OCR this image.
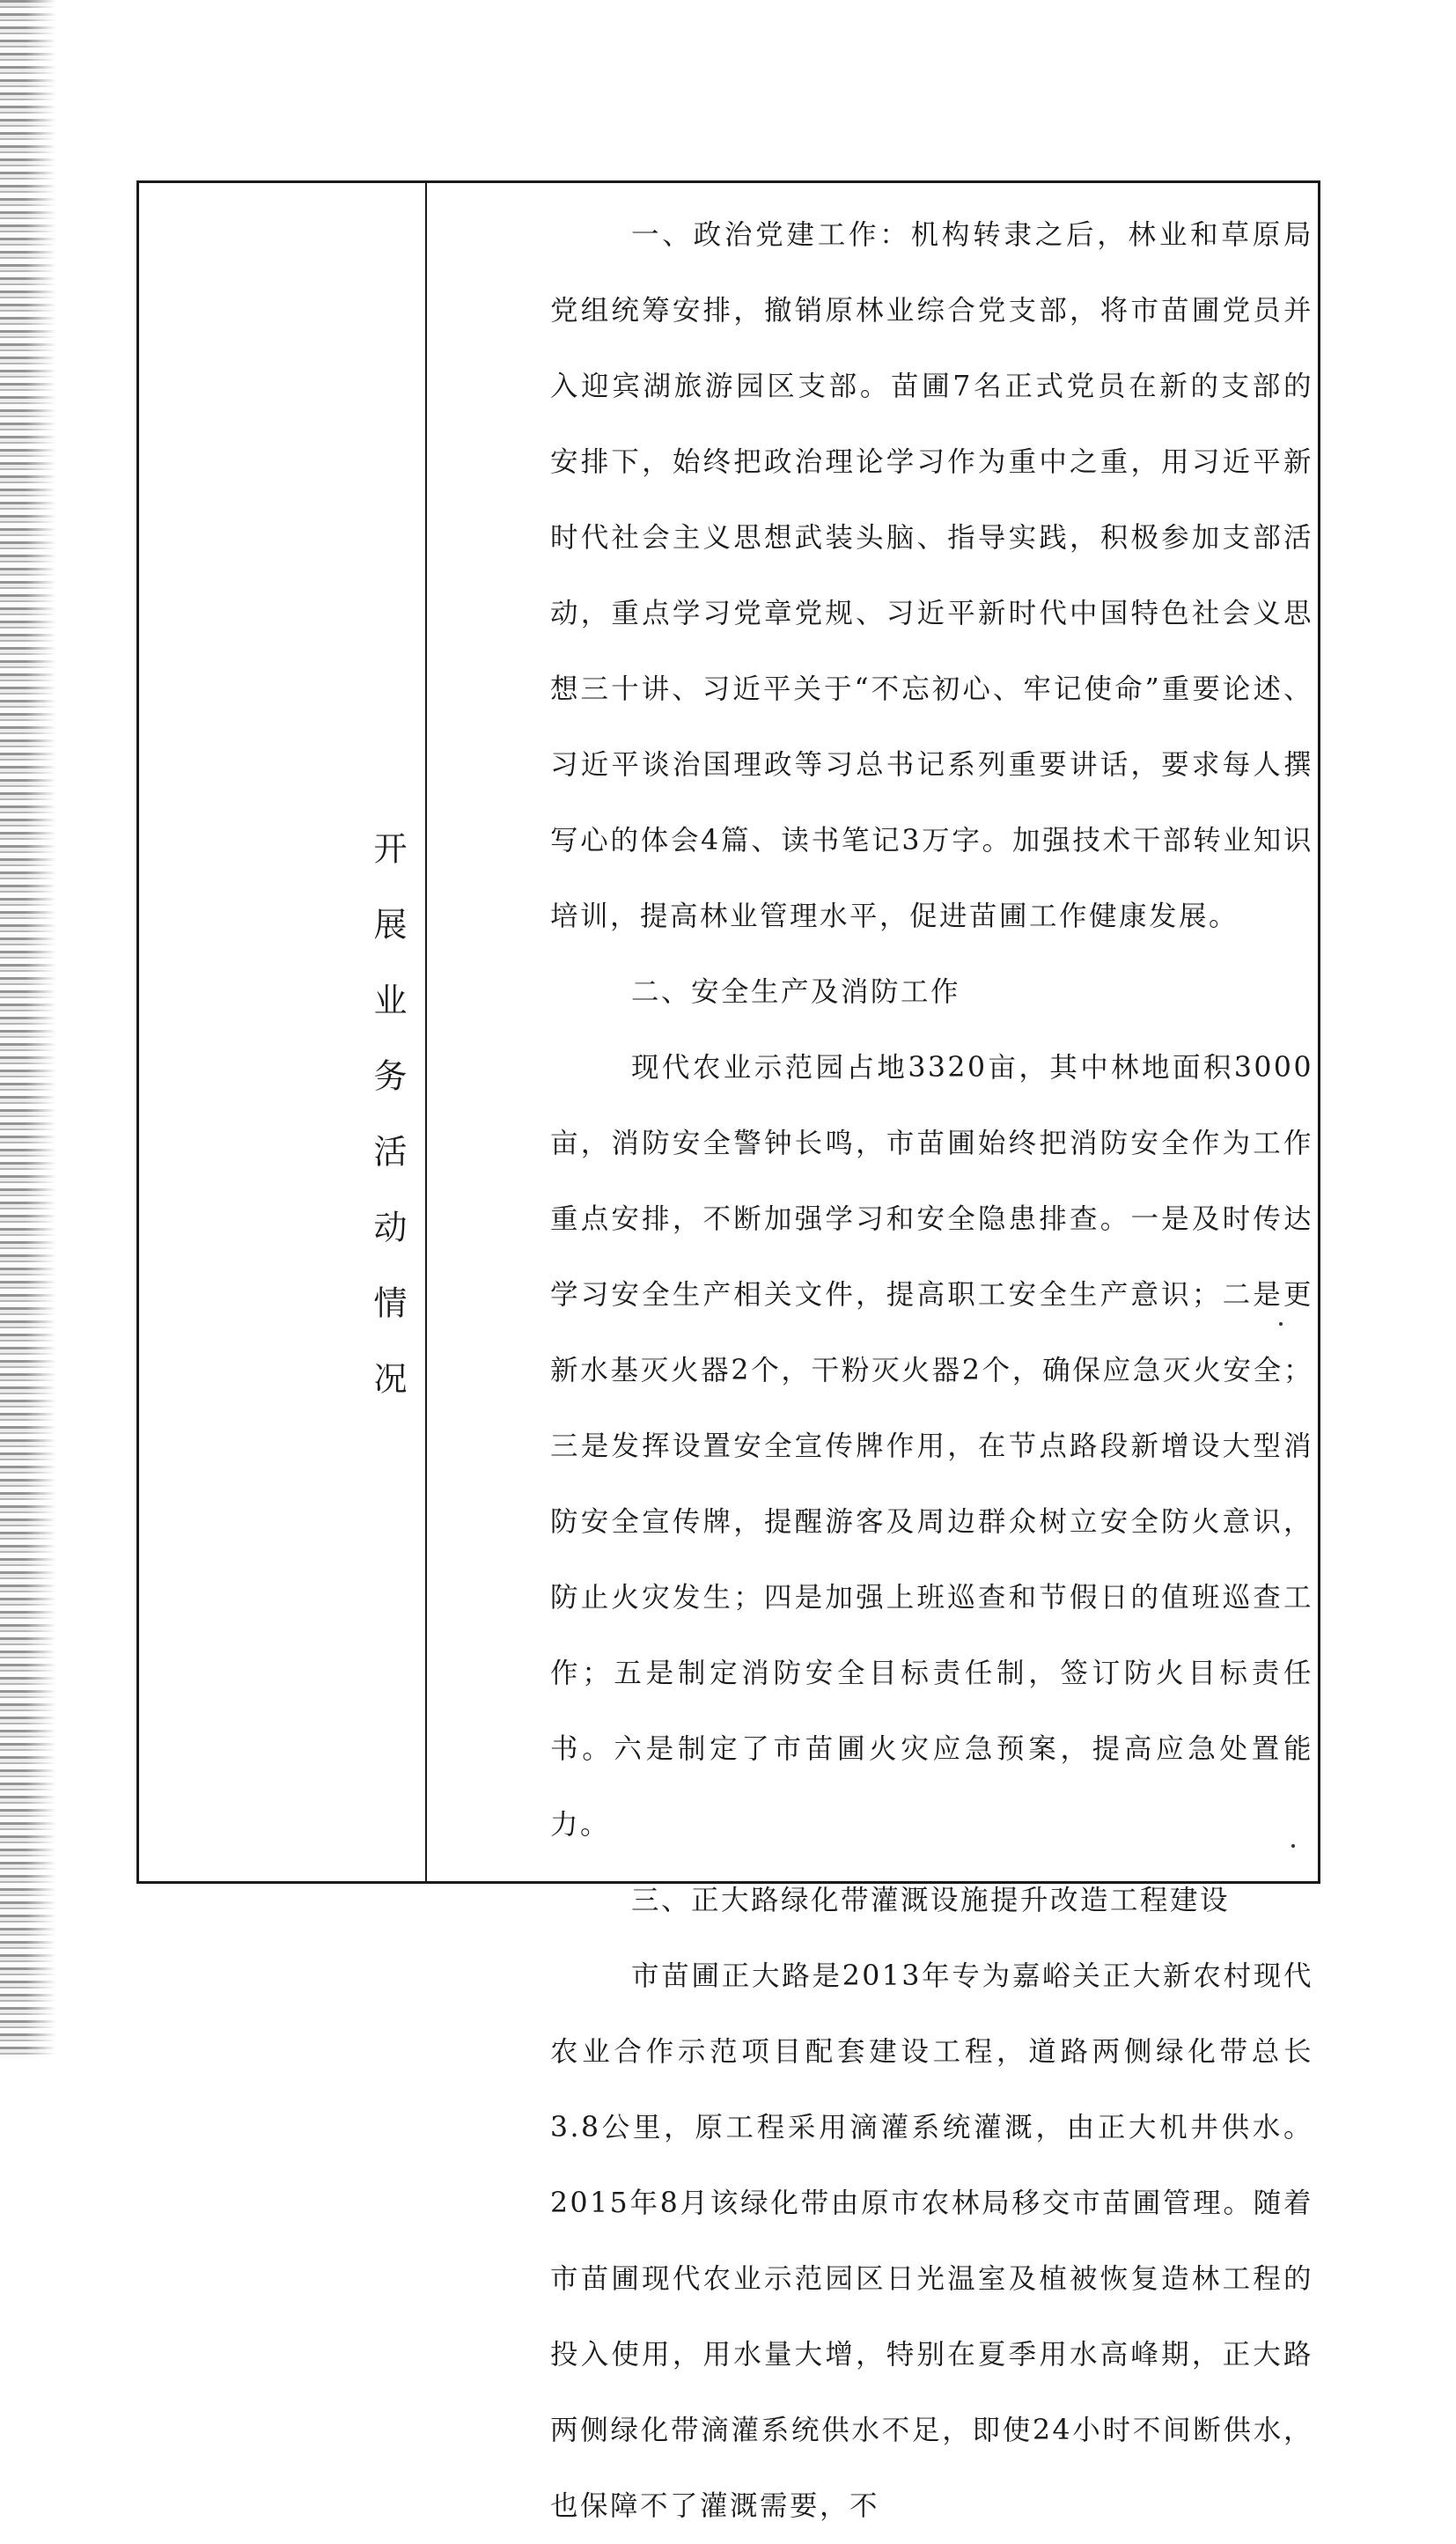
开展业务活动情况

一、政治党建工作：机构转隶之后，林业和草原局党组统筹安排，撤销原林业综合党支部，将市苗圃党员并入迎宾湖旅游园区支部。苗圃7名正式党员在新的支部的安排下，始终把政治理论学习作为重中之重，用习近平新时代社会主义思想武装头脑、指导实践，积极参加支部活动，重点学习党章党规、习近平新时代中国特色社会义思想三十讲、习近平关于“不忘初心、牢记使命”重要论述、习近平谈治国理政等习总书记系列重要讲话，要求每人撰写心的体会4篇、读书笔记3万字。加强技术干部转业知识培训，提高林业管理水平，促进苗圃工作健康发展。

二、安全生产及消防工作

现代农业示范园占地3320亩，其中林地面积3000亩，消防安全警钟长鸣，市苗圃始终把消防安全作为工作重点安排，不断加强学习和安全隐患排查。一是及时传达学习安全生产相关文件，提高职工安全生产意识；二是更新水基灭火器2个，干粉灭火器2个，确保应急灭火安全；三是发挥设置安全宣传牌作用，在节点路段新增设大型消防安全宣传牌，提醒游客及周边群众树立安全防火意识，防止火灾发生；四是加强上班巡查和节假日的值班巡查工作；五是制定消防安全目标责任制，签订防火目标责任书。六是制定了市苗圃火灾应急预案，提高应急处置能力。

三、正大路绿化带灌溉设施提升改造工程建设

市苗圃正大路是2013年专为嘉峪关正大新农村现代农业合作示范项目配套建设工程，道路两侧绿化带总长3.8公里，原工程采用滴灌系统灌溉，由正大机井供水。2015年8月该绿化带由原市农林局移交市苗圃管理。随着市苗圃现代农业示范园区日光温室及植被恢复造林工程的投入使用，用水量大增，特别在夏季用水高峰期，正大路两侧绿化带滴灌系统供水不足，即使24小时不间断供水，也保障不了灌溉需要，不
